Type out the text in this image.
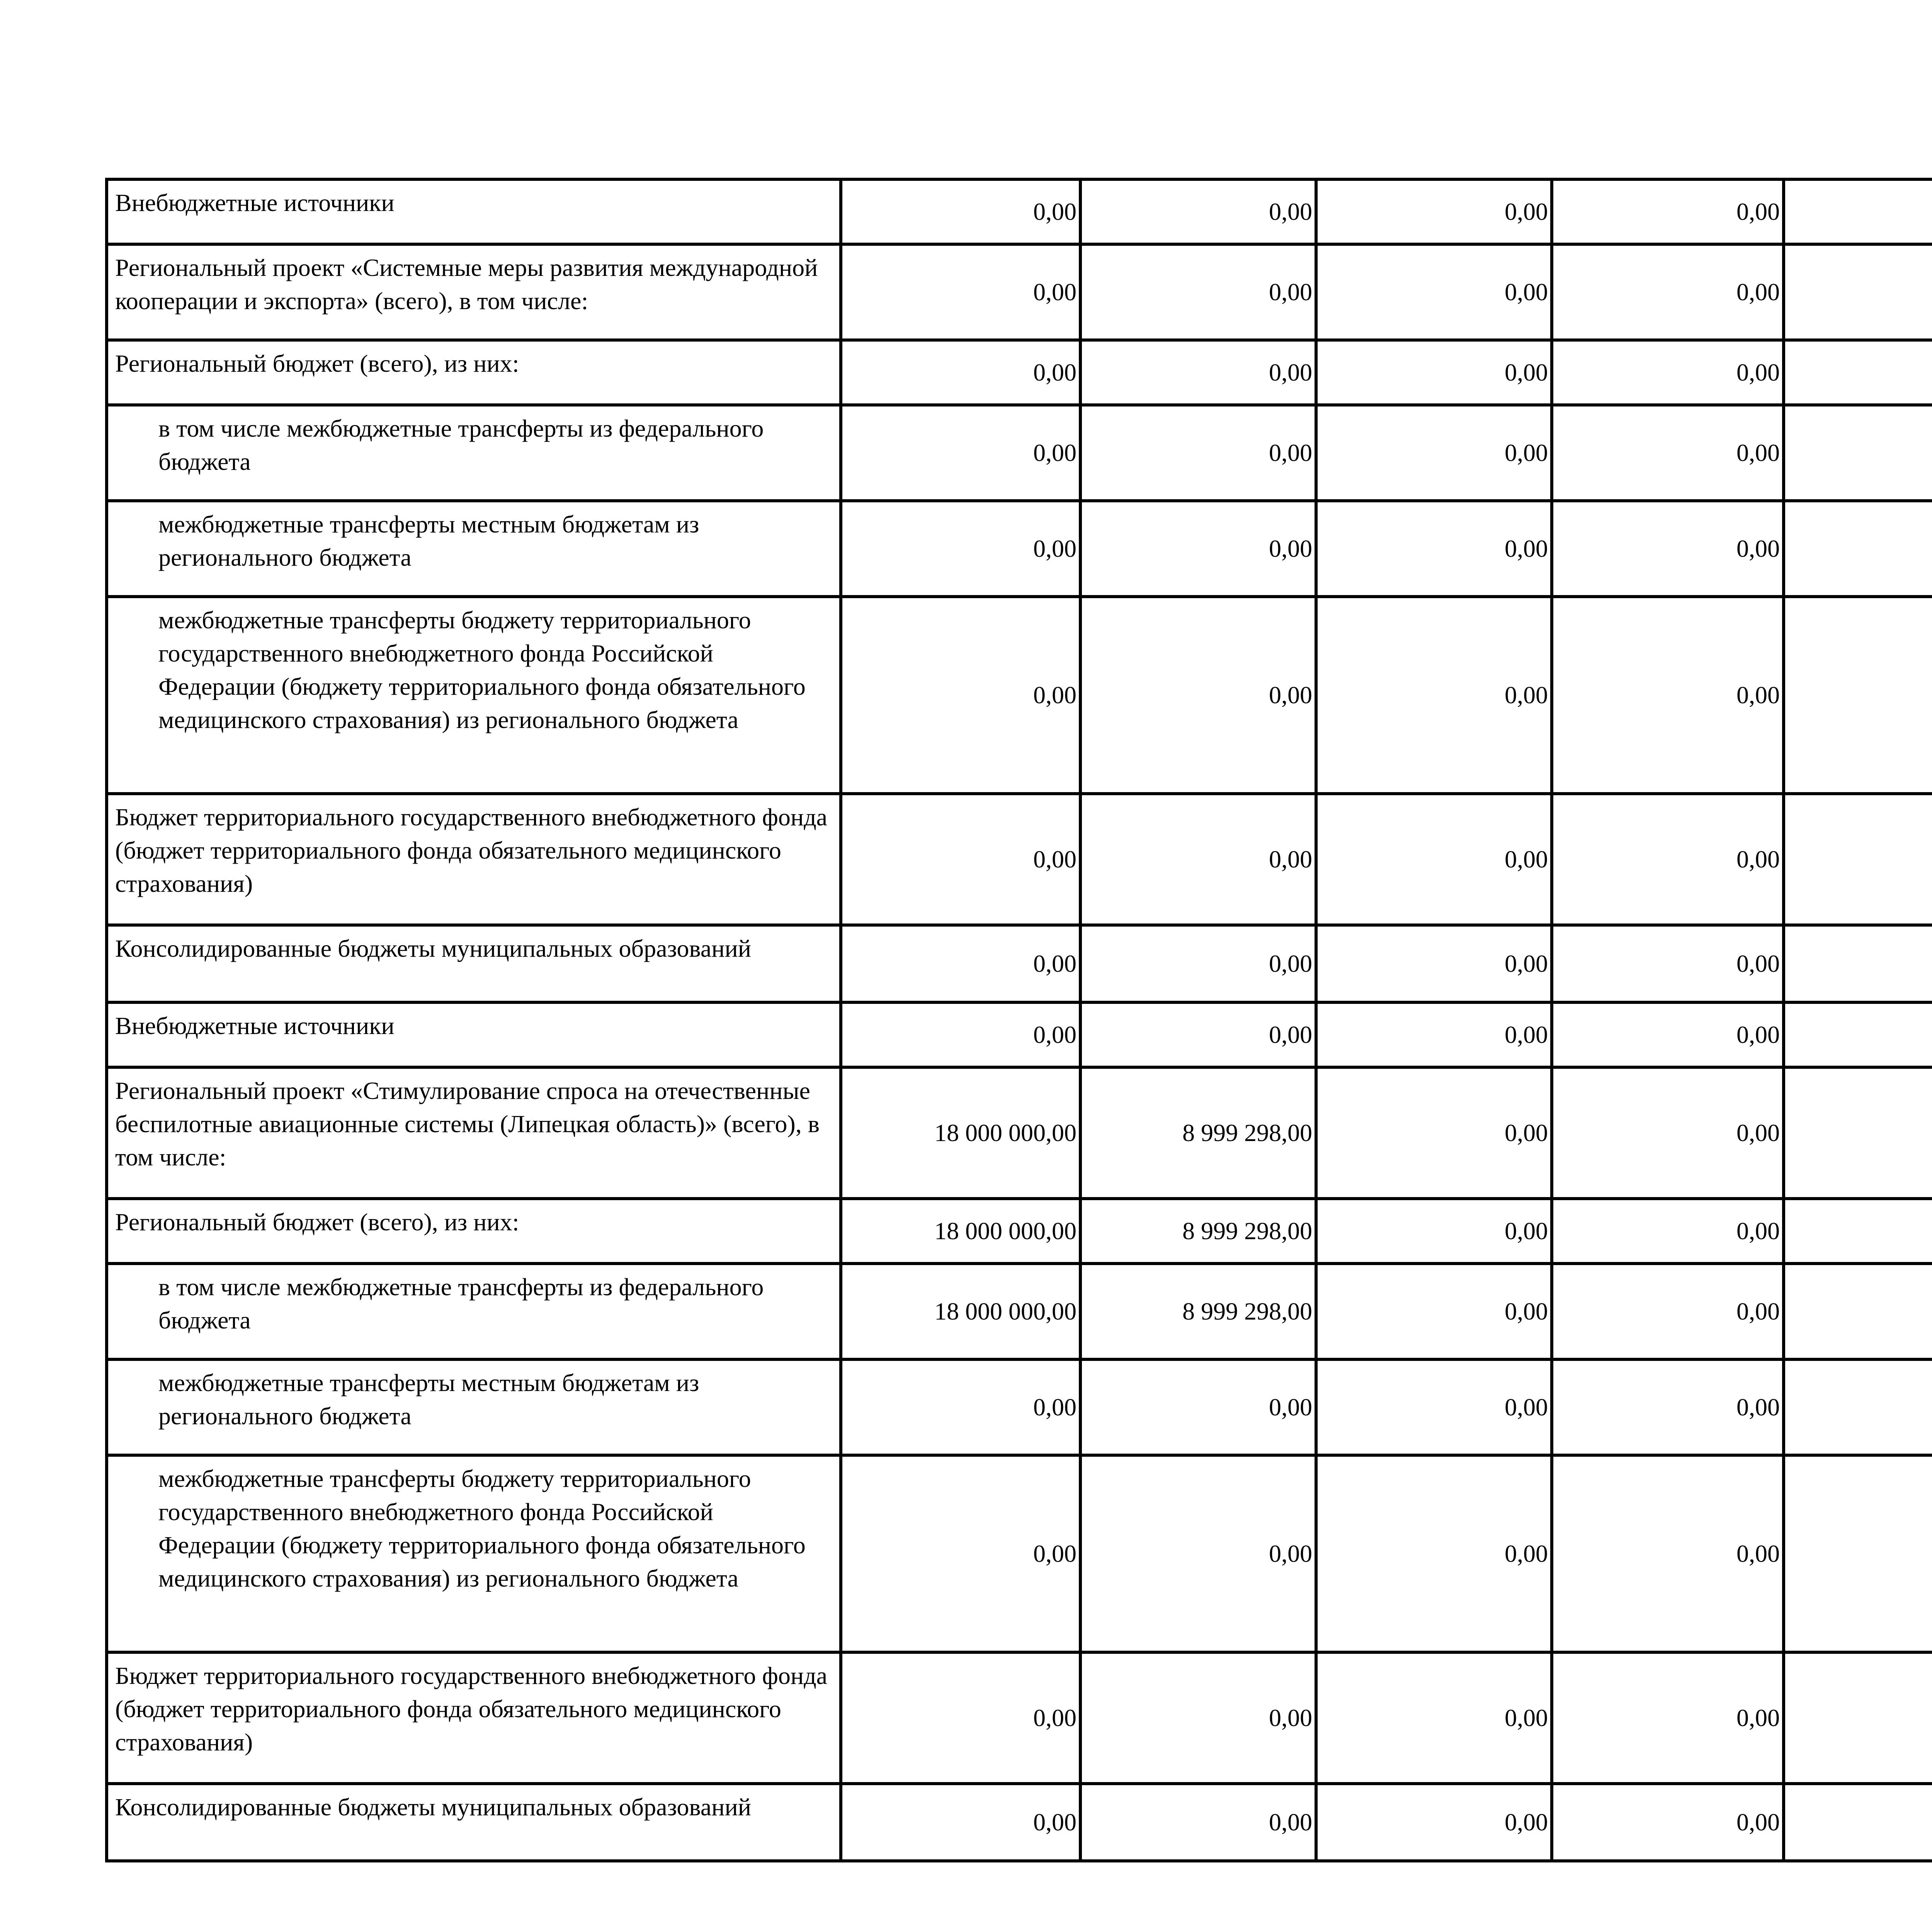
Внебюджетные источники	0,00	0,00	0,00	0,00				
Региональный проект «Системные меры развития международной кооперации и экспорта» (всего), в том числе:	0,00	0,00	0,00	0,00				
Региональный бюджет (всего), из них:	0,00	0,00	0,00	0,00				
в том числе межбюджетные трансферты из федерального бюджета	0,00	0,00	0,00	0,00				
межбюджетные трансферты местным бюджетам из регионального бюджета	0,00	0,00	0,00	0,00				
межбюджетные трансферты бюджету территориального государственного внебюджетного фонда Российской Федерации (бюджету территориального фонда обязательного медицинского страхования) из регионального бюджета	0,00	0,00	0,00	0,00				
Бюджет территориального государственного внебюджетного фонда (бюджет территориального фонда обязательного медицинского страхования)	0,00	0,00	0,00	0,00				
Консолидированные бюджеты муниципальных образований	0,00	0,00	0,00	0,00				
Внебюджетные источники	0,00	0,00	0,00	0,00				
Региональный проект «Стимулирование спроса на отечественные беспилотные авиационные системы (Липецкая область)» (всего), в том числе:	18 000 000,00	8 999 298,00	0,00	0,00				
Региональный бюджет (всего), из них:	18 000 000,00	8 999 298,00	0,00	0,00				
в том числе межбюджетные трансферты из федерального бюджета	18 000 000,00	8 999 298,00	0,00	0,00				
межбюджетные трансферты местным бюджетам из регионального бюджета	0,00	0,00	0,00	0,00				
межбюджетные трансферты бюджету территориального государственного внебюджетного фонда Российской Федерации (бюджету территориального фонда обязательного медицинского страхования) из регионального бюджета	0,00	0,00	0,00	0,00				
Бюджет территориального государственного внебюджетного фонда (бюджет территориального фонда обязательного медицинского страхования)	0,00	0,00	0,00	0,00				
Консолидированные бюджеты муниципальных образований	0,00	0,00	0,00	0,00				
